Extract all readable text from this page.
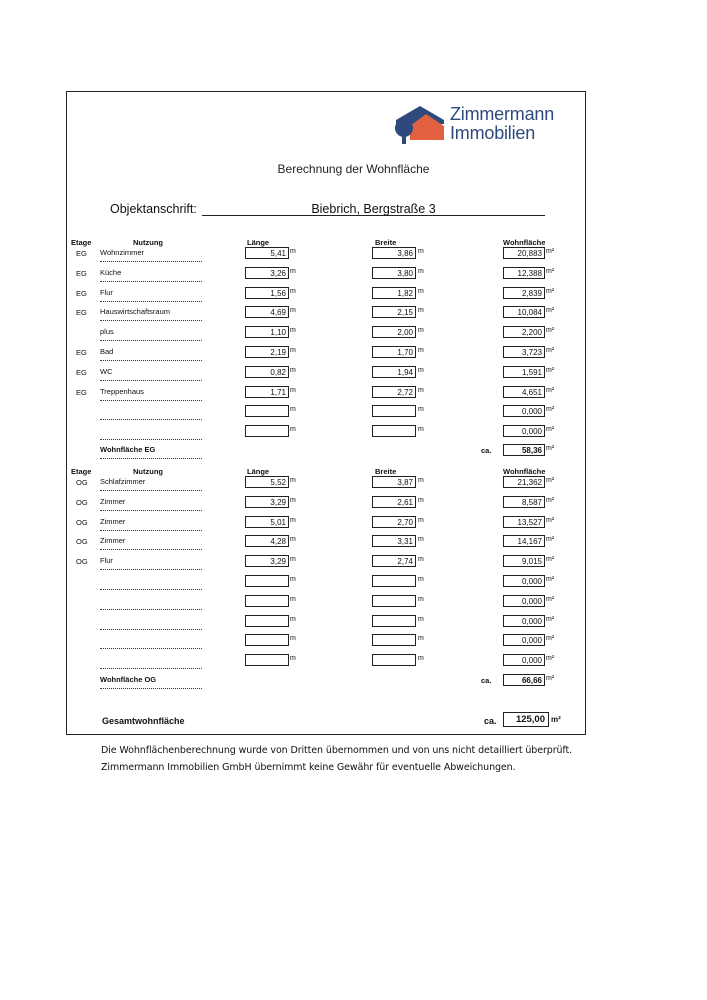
Zimmermann
Immobilien
Berechnung der Wohnfläche
Objektanschrift:	Biebrich, Bergstraße 3
Etage	Nutzung	Länge	Breite	Wohnfläche
EG Wohnzimmer	5,41 m	3,86 m	20,883 m²
EG Küche	3,26 m	3,80 m	12,388 m²
EG Flur	1,56 m	1,82 m	2,839 m²
EG Hauswirtschaftsraum	4,69 m	2,15 m	10,084 m²
plus	1,10 m	2,00 m	2,200 m²
EG Bad	2,19 m	1,70 m	3,723 m²
EG WC	0,82 m	1,94 m	1,591 m²
EG Treppenhaus	1,71 m	2,72 m	4,651 m²
m	m	0,000 m²
m	m	0,000 m²
Wohnfläche EG	ca.	58,36 m²
Etage	Nutzung	Länge	Breite	Wohnfläche
OG Schlafzimmer	5,52 m	3,87 m	21,362 m²
OG Zimmer	3,29 m	2,61 m	8,587 m²
OG Zimmer	5,01 m	2,70 m	13,527 m²
OG Zimmer	4,28 m	3,31 m	14,167 m²
OG Flur	3,29 m	2,74 m	9,015 m²
m	m	0,000 m²
m	m	0,000 m²
m	m	0,000 m²
m	m	0,000 m²
m	m	0,000 m²
Wohnfläche OG	ca.	66,66 m²
Gesamtwohnfläche	ca.	125,00 m²
Die Wohnflächenberechnung wurde von Dritten übernommen und von uns nicht detailliert überprüft.
Zimmermann Immobilien GmbH übernimmt keine Gewähr für eventuelle Abweichungen.
